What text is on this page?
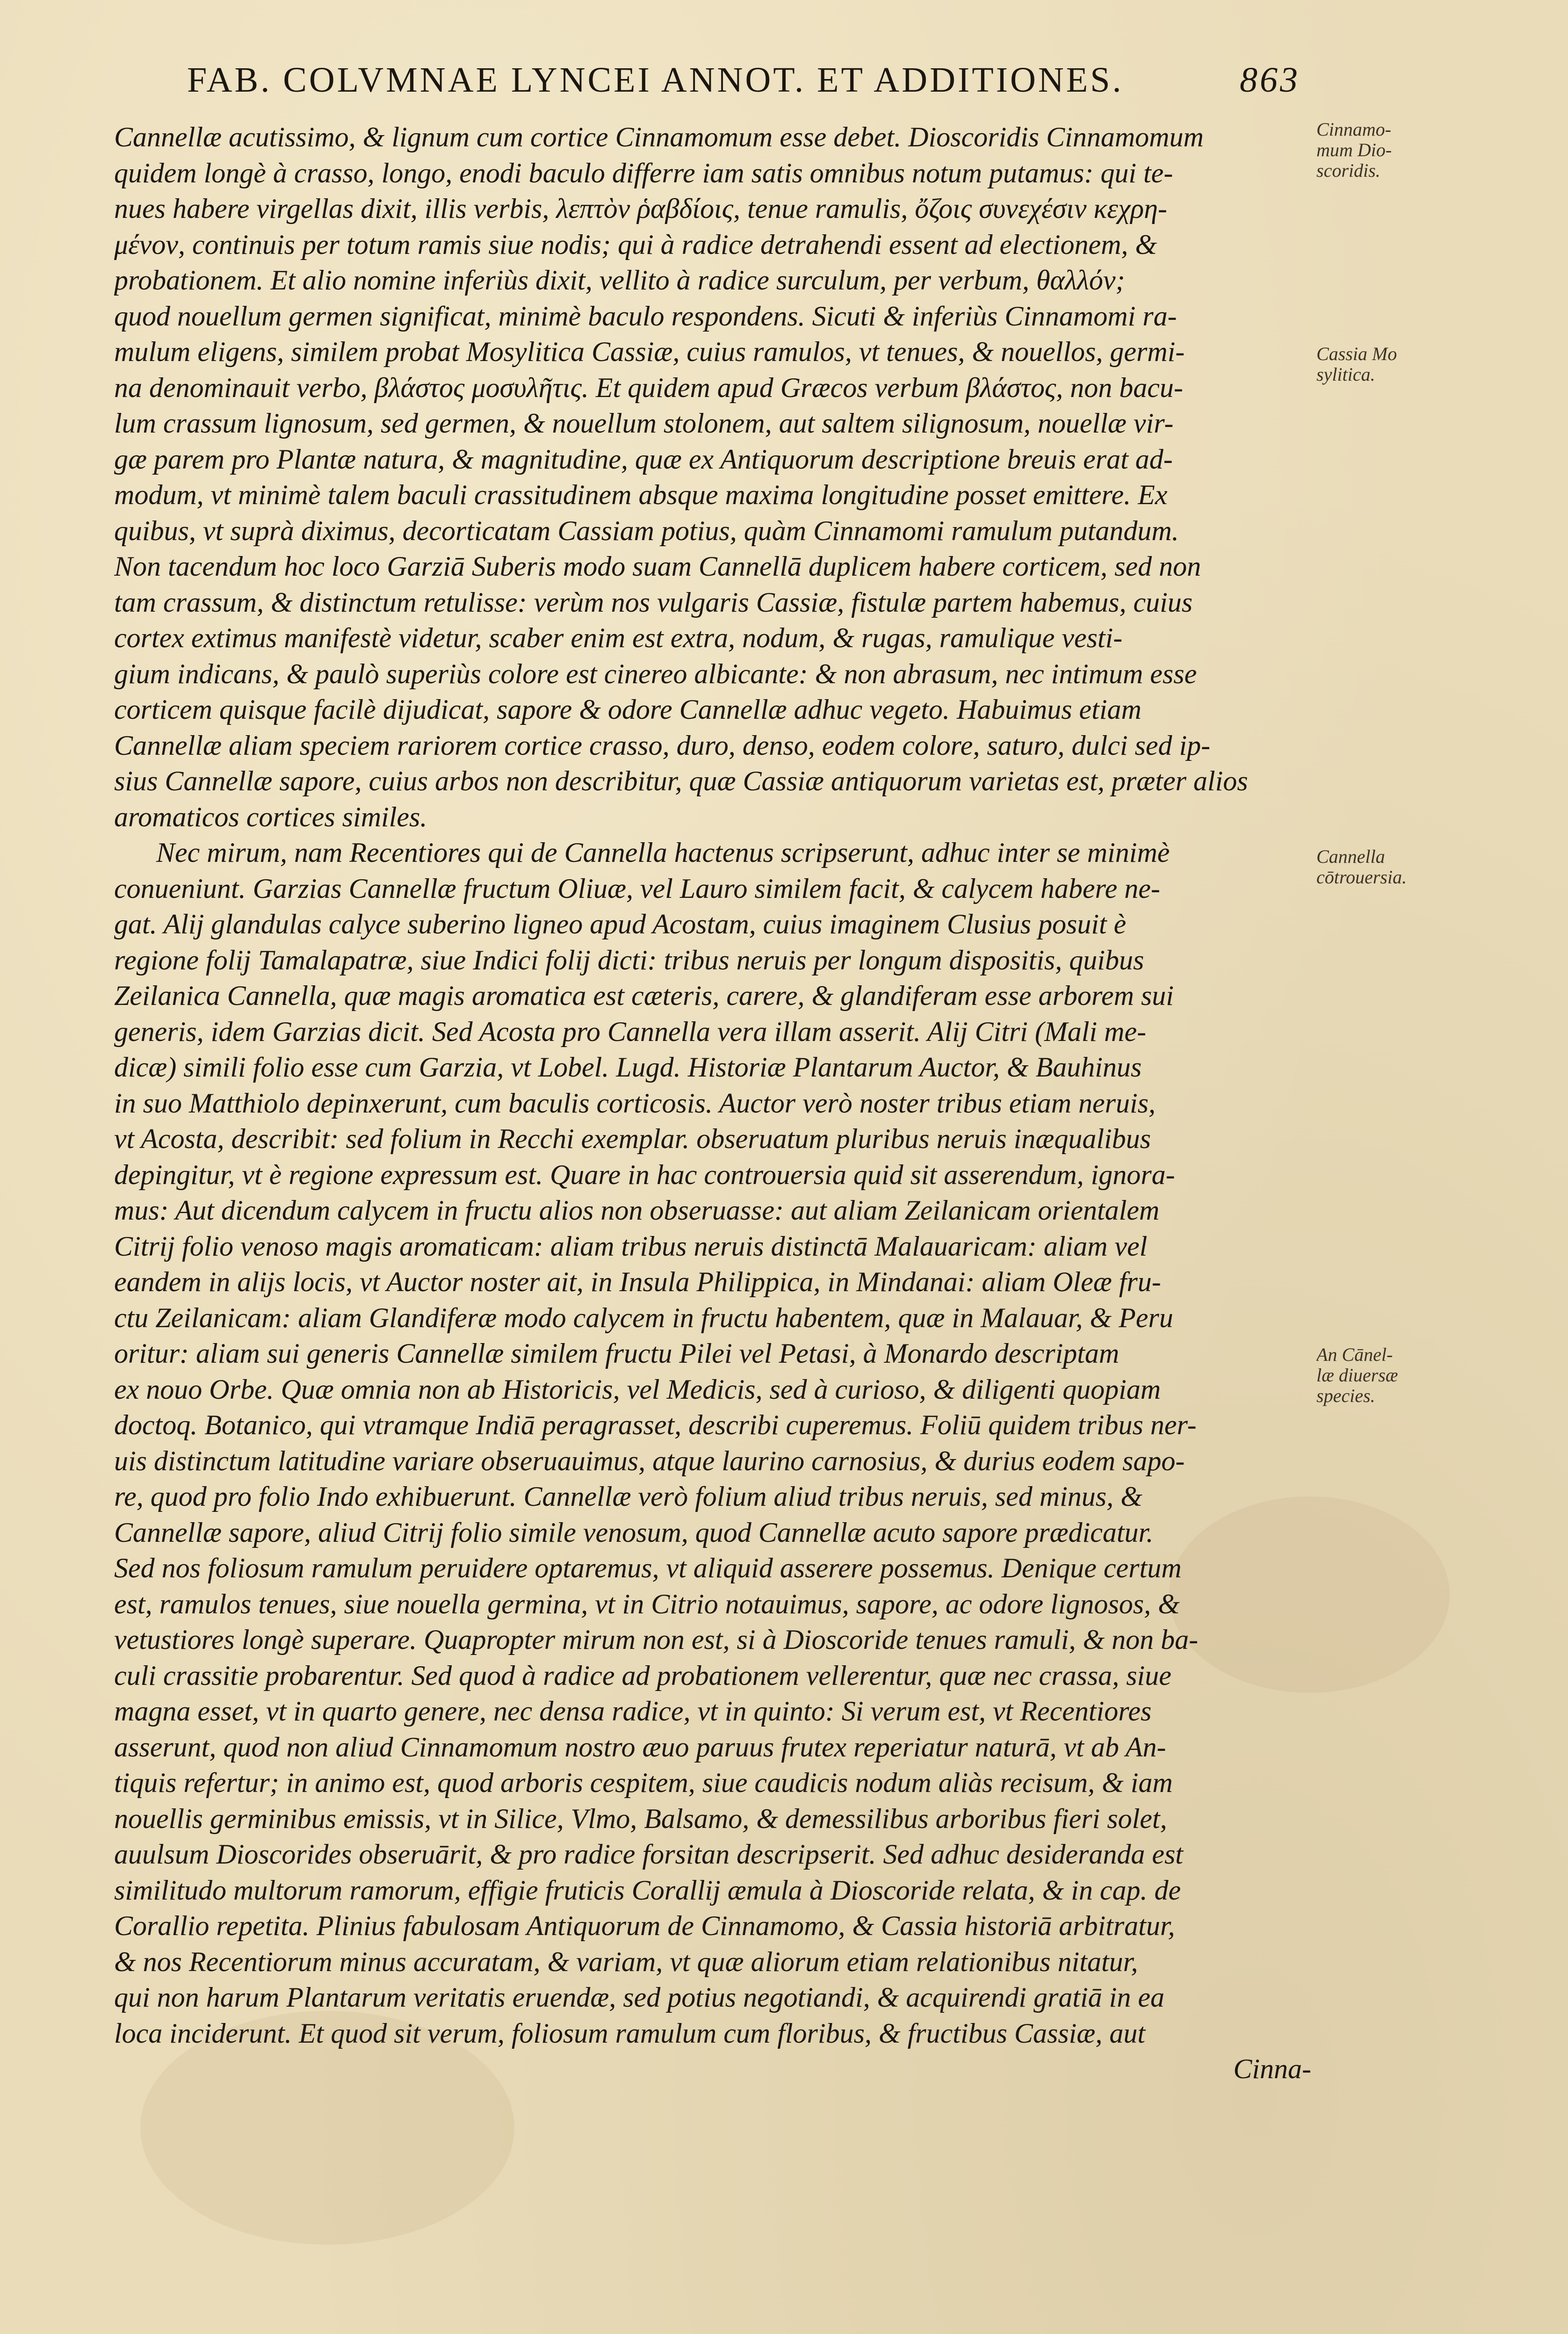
FAB. COLVMNAE LYNCEI ANNOT. ET ADDITIONES.	863
Cannellæ acutissimo, & lignum cum cortice Cinnamomum esse debet. Dioscoridis Cinnamomum
quidem longè à crasso, longo, enodi baculo differre iam satis omnibus notum putamus: qui te-
nues habere virgellas dixit, illis verbis, λεπτὸν ῥαβδίοις, tenue ramulis, ὄζοις συνεχέσιν κεχρη-
μένον, continuis per totum ramis siue nodis; qui à radice detrahendi essent ad electionem, &
probationem. Et alio nomine inferiùs dixit, vellito à radice surculum, per verbum, θαλλόν;
quod nouellum germen significat, minimè baculo respondens. Sicuti & inferiùs Cinnamomi ra-
mulum eligens, similem probat Mosylitica Cassiæ, cuius ramulos, vt tenues, & nouellos, germi-
na denominauit verbo, βλάστος μοσυλῆτις. Et quidem apud Græcos verbum βλάστος, non bacu-
lum crassum lignosum, sed germen, & nouellum stolonem, aut saltem silignosum, nouellæ vir-
gæ parem pro Plantæ natura, & magnitudine, quæ ex Antiquorum descriptione breuis erat ad-
modum, vt minimè talem baculi crassitudinem absque maxima longitudine posset emittere. Ex
quibus, vt suprà diximus, decorticatam Cassiam potius, quàm Cinnamomi ramulum putandum.
Non tacendum hoc loco Garziā Suberis modo suam Cannellā duplicem habere corticem, sed non
tam crassum, & distinctum retulisse: verùm nos vulgaris Cassiæ, fistulæ partem habemus, cuius
cortex extimus manifestè videtur, scaber enim est extra, nodum, & rugas, ramulique vesti-
gium indicans, & paulò superiùs colore est cinereo albicante: & non abrasum, nec intimum esse
corticem quisque facilè dijudicat, sapore & odore Cannellæ adhuc vegeto. Habuimus etiam
Cannellæ aliam speciem rariorem cortice crasso, duro, denso, eodem colore, saturo, dulci sed ip-
sius Cannellæ sapore, cuius arbos non describitur, quæ Cassiæ antiquorum varietas est, præter alios
aromaticos cortices similes.
Nec mirum, nam Recentiores qui de Cannella hactenus scripserunt, adhuc inter se minimè
conueniunt. Garzias Cannellæ fructum Oliuæ, vel Lauro similem facit, & calycem habere ne-
gat. Alij glandulas calyce suberino ligneo apud Acostam, cuius imaginem Clusius posuit è
regione folij Tamalapatræ, siue Indici folij dicti: tribus neruis per longum dispositis, quibus
Zeilanica Cannella, quæ magis aromatica est cæteris, carere, & glandiferam esse arborem sui
generis, idem Garzias dicit. Sed Acosta pro Cannella vera illam asserit. Alij Citri (Mali me-
dicæ) simili folio esse cum Garzia, vt Lobel. Lugd. Historiæ Plantarum Auctor, & Bauhinus
in suo Matthiolo depinxerunt, cum baculis corticosis. Auctor verò noster tribus etiam neruis,
vt Acosta, describit: sed folium in Recchi exemplar. obseruatum pluribus neruis inæqualibus
depingitur, vt è regione expressum est. Quare in hac controuersia quid sit asserendum, ignora-
mus: Aut dicendum calycem in fructu alios non obseruasse: aut aliam Zeilanicam orientalem
Citrij folio venoso magis aromaticam: aliam tribus neruis distinctā Malauaricam: aliam vel
eandem in alijs locis, vt Auctor noster ait, in Insula Philippica, in Mindanai: aliam Oleæ fru-
ctu Zeilanicam: aliam Glandiferæ modo calycem in fructu habentem, quæ in Malauar, & Peru
oritur: aliam sui generis Cannellæ similem fructu Pilei vel Petasi, à Monardo descriptam
ex nouo Orbe. Quæ omnia non ab Historicis, vel Medicis, sed à curioso, & diligenti quopiam
doctoq. Botanico, qui vtramque Indiā peragrasset, describi cuperemus. Foliū quidem tribus ner-
uis distinctum latitudine variare obseruauimus, atque laurino carnosius, & durius eodem sapo-
re, quod pro folio Indo exhibuerunt. Cannellæ verò folium aliud tribus neruis, sed minus, &
Cannellæ sapore, aliud Citrij folio simile venosum, quod Cannellæ acuto sapore prædicatur.
Sed nos foliosum ramulum peruidere optaremus, vt aliquid asserere possemus. Denique certum
est, ramulos tenues, siue nouella germina, vt in Citrio notauimus, sapore, ac odore lignosos, &
vetustiores longè superare. Quapropter mirum non est, si à Dioscoride tenues ramuli, & non ba-
culi crassitie probarentur. Sed quod à radice ad probationem vellerentur, quæ nec crassa, siue
magna esset, vt in quarto genere, nec densa radice, vt in quinto: Si verum est, vt Recentiores
asserunt, quod non aliud Cinnamomum nostro æuo paruus frutex reperiatur naturā, vt ab An-
tiquis refertur; in animo est, quod arboris cespitem, siue caudicis nodum aliàs recisum, & iam
nouellis germinibus emissis, vt in Silice, Vlmo, Balsamo, & demessilibus arboribus fieri solet,
auulsum Dioscorides obseruārit, & pro radice forsitan descripserit. Sed adhuc desideranda est
similitudo multorum ramorum, effigie fruticis Corallij æmula à Dioscoride relata, & in cap. de
Corallio repetita. Plinius fabulosam Antiquorum de Cinnamomo, & Cassia historiā arbitratur,
& nos Recentiorum minus accuratam, & variam, vt quæ aliorum etiam relationibus nitatur,
qui non harum Plantarum veritatis eruendæ, sed potius negotiandi, & acquirendi gratiā in ea
loca inciderunt. Et quod sit verum, foliosum ramulum cum floribus, & fructibus Cassiæ, aut
Cinna-
Cinnamo-
mum Dio-
scoridis.
Cassia Mo
sylitica.
Cannella
cōtrouersia.
An Cānel-
læ diuersæ
species.
